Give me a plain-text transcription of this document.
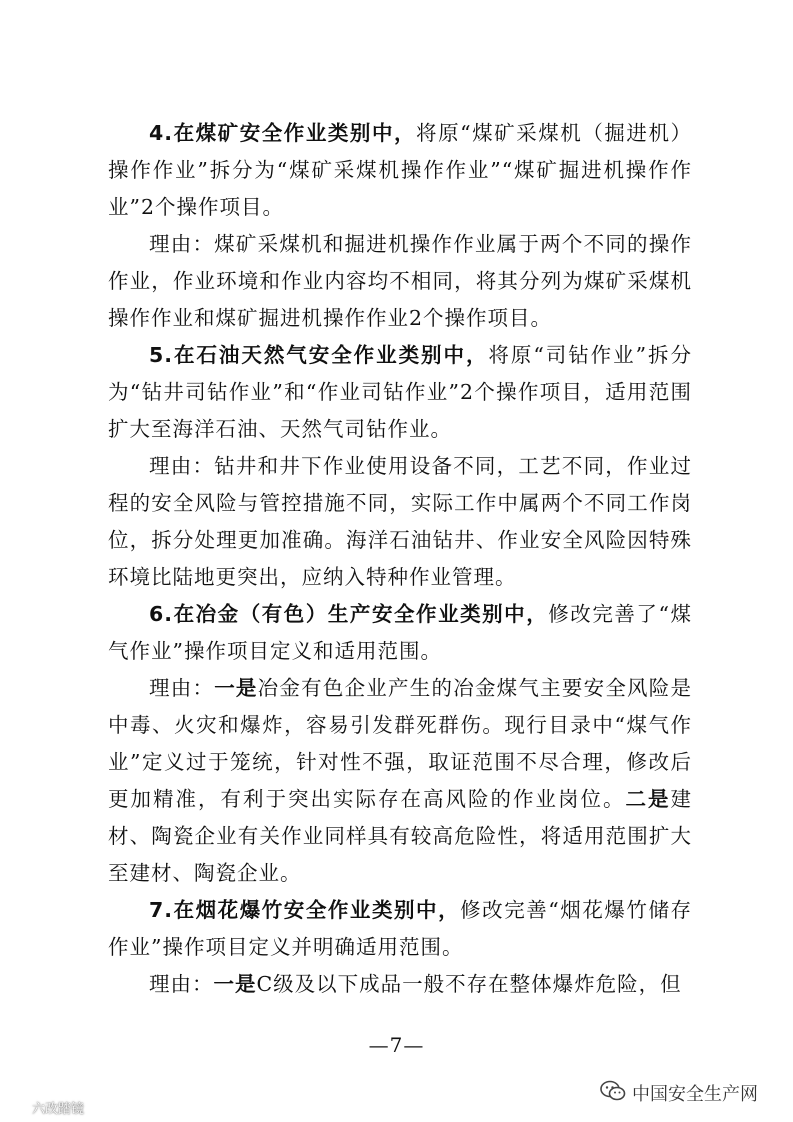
4.在煤矿安全作业类别中，将原“煤矿采煤机（掘进机）操作作业”拆分为“煤矿采煤机操作作业”“煤矿掘进机操作作业”2个操作项目。

理由：煤矿采煤机和掘进机操作作业属于两个不同的操作作业，作业环境和作业内容均不相同，将其分列为煤矿采煤机操作作业和煤矿掘进机操作作业2个操作项目。

5.在石油天然气安全作业类别中，将原“司钻作业”拆分为“钻井司钻作业”和“作业司钻作业”2个操作项目，适用范围扩大至海洋石油、天然气司钻作业。

理由：钻井和井下作业使用设备不同，工艺不同，作业过程的安全风险与管控措施不同，实际工作中属两个不同工作岗位，拆分处理更加准确。海洋石油钻井、作业安全风险因特殊环境比陆地更突出，应纳入特种作业管理。

6.在冶金（有色）生产安全作业类别中，修改完善了“煤气作业”操作项目定义和适用范围。

理由：一是冶金有色企业产生的冶金煤气主要安全风险是中毒、火灾和爆炸，容易引发群死群伤。现行目录中“煤气作业”定义过于笼统，针对性不强，取证范围不尽合理，修改后更加精准，有利于突出实际存在高风险的作业岗位。二是建材、陶瓷企业有关作业同样具有较高危险性，将适用范围扩大至建材、陶瓷企业。

7.在烟花爆竹安全作业类别中，修改完善“烟花爆竹储存作业”操作项目定义并明确适用范围。

理由：一是C级及以下成品一般不存在整体爆炸危险，但

—7—
中国安全生产网
六改踏镜
